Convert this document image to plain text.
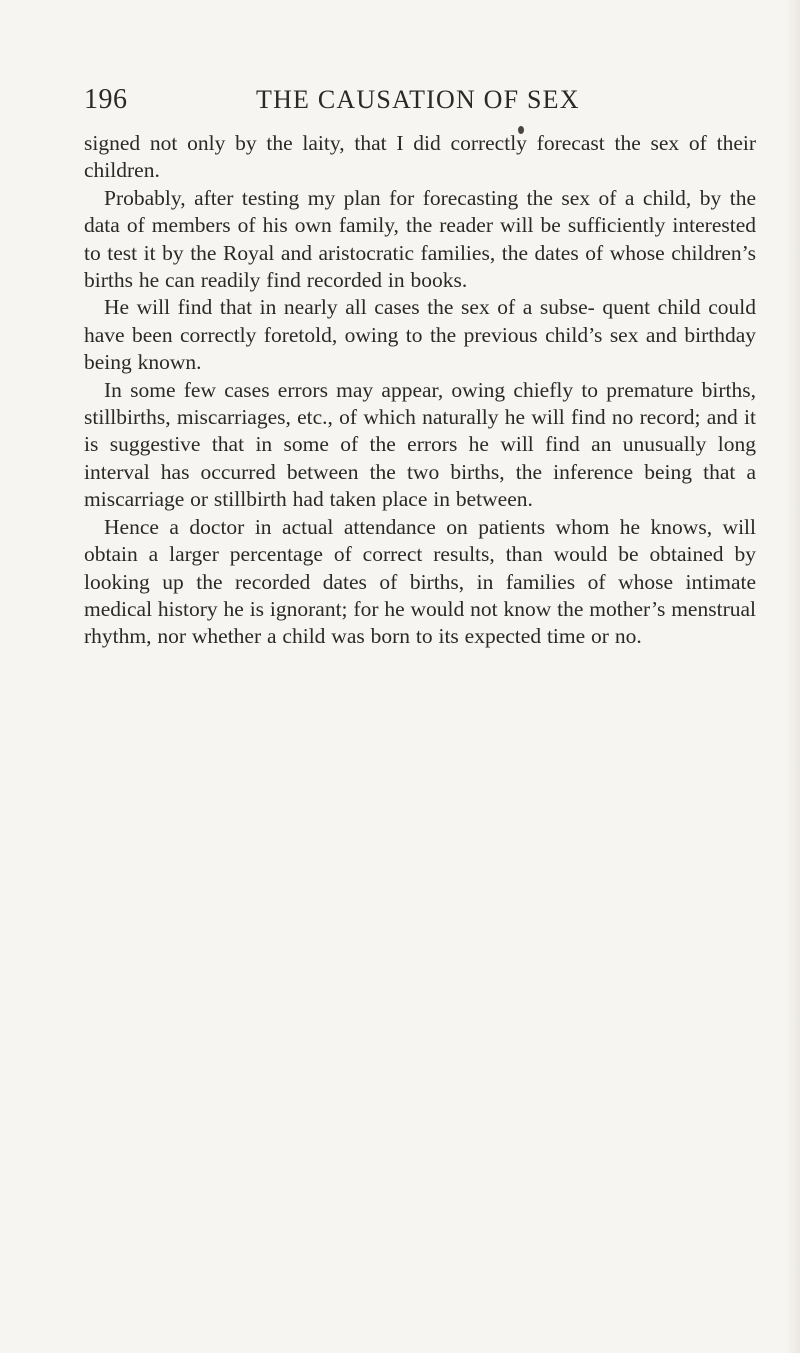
196	THE CAUSATION OF SEX

signed not only by the laity, that I did correctly forecast the sex of their children.

Probably, after testing my plan for forecasting the sex of a child, by the data of members of his own family, the reader will be sufficiently interested to test it by the Royal and aristocratic families, the dates of whose children’s births he can readily find recorded in books.

He will find that in nearly all cases the sex of a subse- quent child could have been correctly foretold, owing to the previous child’s sex and birthday being known.

In some few cases errors may appear, owing chiefly to premature births, stillbirths, miscarriages, etc., of which naturally he will find no record; and it is suggestive that in some of the errors he will find an unusually long interval has occurred between the two births, the inference being that a miscarriage or stillbirth had taken place in between.

Hence a doctor in actual attendance on patients whom he knows, will obtain a larger percentage of correct results, than would be obtained by looking up the recorded dates of births, in families of whose intimate medical history he is ignorant; for he would not know the mother’s menstrual rhythm, nor whether a child was born to its expected time or no.
